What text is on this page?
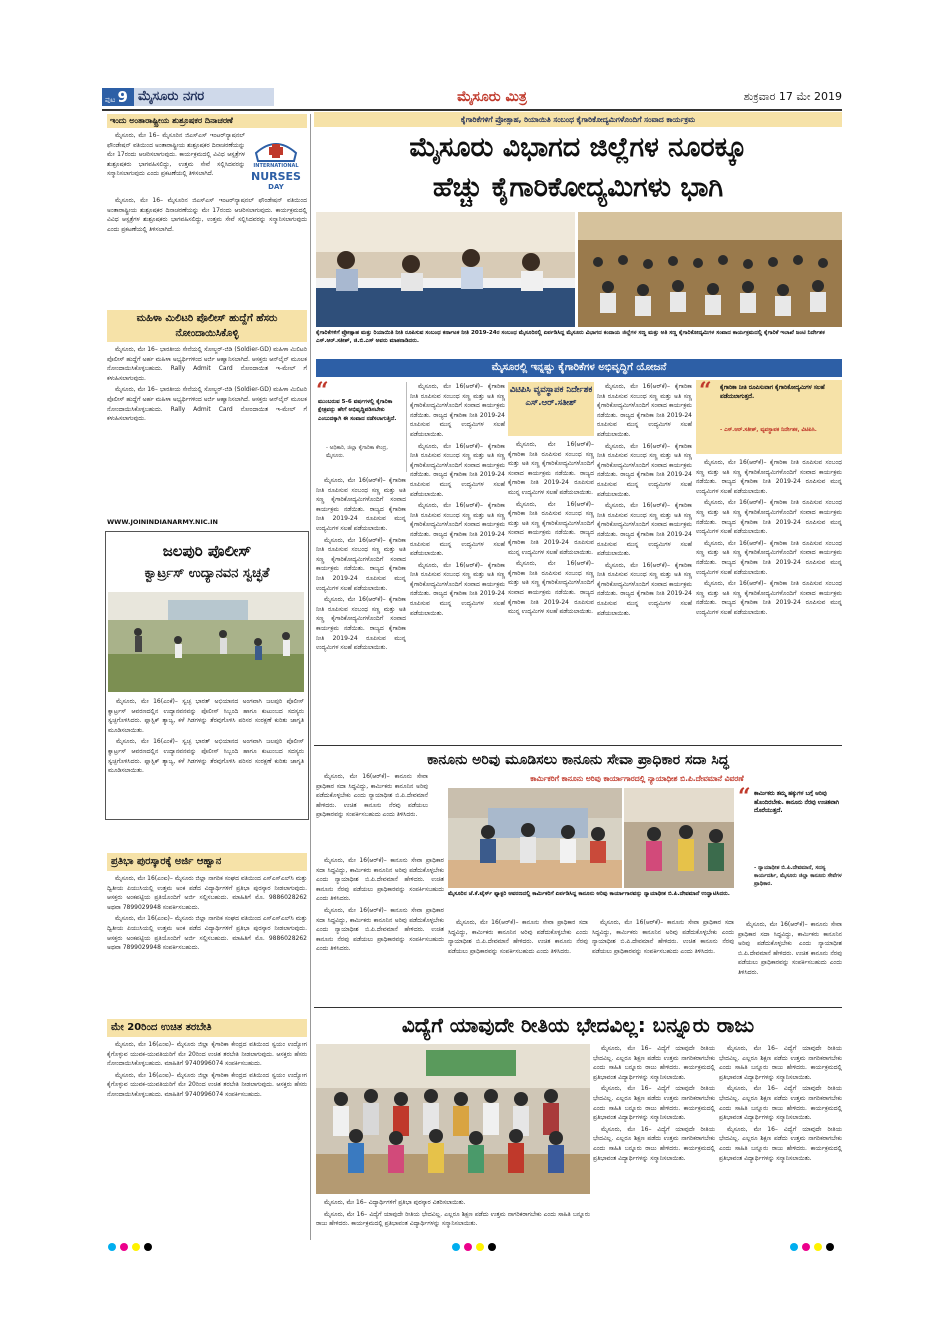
ಪುಟ 9 ಮೈಸೂರು ನಗರ	ಮೈಸೂರು ಮಿತ್ರ	ಶುಕ್ರವಾರ 17 ಮೇ 2019
ಇಂದು ಅಂತಾರಾಷ್ಟ್ರೀಯ ಶುಶ್ರೂಷಕರ ದಿನಾಚರಣೆ
INTERNATIONAL
NURSES
DAY

ಮೈಸೂರು, ಮೇ 16– ಮೈಸೂರಿನ ಜಿಎಸ್‌ಎಸ್ ಇಂಟರ್‌ನ್ಯಾಷನಲ್ ಫೌಂಡೇಷನ್ ವತಿಯಿಂದ ಅಂತಾರಾಷ್ಟ್ರೀಯ ಶುಶ್ರೂಷಕರ ದಿನಾಚರಣೆಯನ್ನು ಮೇ 17ರಂದು ಆಚರಿಸಲಾಗುವುದು. ಕಾರ್ಯಕ್ರಮದಲ್ಲಿ ವಿವಿಧ ಆಸ್ಪತ್ರೆಗಳ ಶುಶ್ರೂಷಕರು ಭಾಗವಹಿಸಲಿದ್ದು, ಉತ್ತಮ ಸೇವೆ ಸಲ್ಲಿಸಿದವರನ್ನು ಸನ್ಮಾನಿಸಲಾಗುವುದು ಎಂದು ಪ್ರಕಟಣೆಯಲ್ಲಿ ತಿಳಿಸಲಾಗಿದೆ.

ಮೈಸೂರು, ಮೇ 16– ಮೈಸೂರಿನ ಜಿಎಸ್‌ಎಸ್ ಇಂಟರ್‌ನ್ಯಾಷನಲ್ ಫೌಂಡೇಷನ್ ವತಿಯಿಂದ ಅಂತಾರಾಷ್ಟ್ರೀಯ ಶುಶ್ರೂಷಕರ ದಿನಾಚರಣೆಯನ್ನು ಮೇ 17ರಂದು ಆಚರಿಸಲಾಗುವುದು. ಕಾರ್ಯಕ್ರಮದಲ್ಲಿ ವಿವಿಧ ಆಸ್ಪತ್ರೆಗಳ ಶುಶ್ರೂಷಕರು ಭಾಗವಹಿಸಲಿದ್ದು, ಉತ್ತಮ ಸೇವೆ ಸಲ್ಲಿಸಿದವರನ್ನು ಸನ್ಮಾನಿಸಲಾಗುವುದು ಎಂದು ಪ್ರಕಟಣೆಯಲ್ಲಿ ತಿಳಿಸಲಾಗಿದೆ.

ಮಹಿಳಾ ಮಿಲಿಟರಿ ಪೊಲೀಸ್ ಹುದ್ದೆಗೆ ಹೆಸರು ನೋಂದಾಯಿಸಿಕೊಳ್ಳಿ

ಮೈಸೂರು, ಮೇ 16– ಭಾರತೀಯ ಸೇನೆಯಲ್ಲಿ ಸೋಲ್ಜರ್-ಜಿಡಿ (Soldier-GD) ಮಹಿಳಾ ಮಿಲಿಟರಿ ಪೊಲೀಸ್ ಹುದ್ದೆಗೆ ಅರ್ಹ ಮಹಿಳಾ ಅಭ್ಯರ್ಥಿಗಳಿಂದ ಅರ್ಜಿ ಆಹ್ವಾನಿಸಲಾಗಿದೆ. ಆಸಕ್ತರು ಆನ್‌ಲೈನ್ ಮೂಲಕ ನೋಂದಾಯಿಸಿಕೊಳ್ಳಬಹುದು. Rally Admit Card ನೋಂದಾಯಿತ ಇ-ಮೇಲ್ ಗೆ ಕಳುಹಿಸಲಾಗುವುದು.

ಮೈಸೂರು, ಮೇ 16– ಭಾರತೀಯ ಸೇನೆಯಲ್ಲಿ ಸೋಲ್ಜರ್-ಜಿಡಿ (Soldier-GD) ಮಹಿಳಾ ಮಿಲಿಟರಿ ಪೊಲೀಸ್ ಹುದ್ದೆಗೆ ಅರ್ಹ ಮಹಿಳಾ ಅಭ್ಯರ್ಥಿಗಳಿಂದ ಅರ್ಜಿ ಆಹ್ವಾನಿಸಲಾಗಿದೆ. ಆಸಕ್ತರು ಆನ್‌ಲೈನ್ ಮೂಲಕ ನೋಂದಾಯಿಸಿಕೊಳ್ಳಬಹುದು. Rally Admit Card ನೋಂದಾಯಿತ ಇ-ಮೇಲ್ ಗೆ ಕಳುಹಿಸಲಾಗುವುದು.

WWW.JOININDIANARMY.NIC.IN
ಜಲಪುರಿ ಪೊಲೀಸ್
ಕ್ವಾರ್ಟ್ರಸ್ ಉದ್ಯಾನವನ ಸ್ವಚ್ಛತೆ

ಮೈಸೂರು, ಮೇ 16(ಎಂಕೆ)– ಸ್ವಚ್ಛ ಭಾರತ್ ಅಭಿಯಾನದ ಅಂಗವಾಗಿ ಜಲಪುರಿ ಪೊಲೀಸ್ ಕ್ವಾರ್ಟ್ರಸ್ ಆವರಣದಲ್ಲಿನ ಉದ್ಯಾನವನವನ್ನು ಪೊಲೀಸ್ ಸಿಬ್ಬಂದಿ ಹಾಗೂ ಕುಟುಂಬದ ಸದಸ್ಯರು ಸ್ವಚ್ಛಗೊಳಿಸಿದರು. ಪ್ಲಾಸ್ಟಿಕ್ ತ್ಯಾಜ್ಯ, ಕಳೆ ಗಿಡಗಳನ್ನು ತೆರವುಗೊಳಿಸಿ ಪರಿಸರ ಸಂರಕ್ಷಣೆ ಕುರಿತು ಜಾಗೃತಿ ಮೂಡಿಸಲಾಯಿತು.

ಮೈಸೂರು, ಮೇ 16(ಎಂಕೆ)– ಸ್ವಚ್ಛ ಭಾರತ್ ಅಭಿಯಾನದ ಅಂಗವಾಗಿ ಜಲಪುರಿ ಪೊಲೀಸ್ ಕ್ವಾರ್ಟ್ರಸ್ ಆವರಣದಲ್ಲಿನ ಉದ್ಯಾನವನವನ್ನು ಪೊಲೀಸ್ ಸಿಬ್ಬಂದಿ ಹಾಗೂ ಕುಟುಂಬದ ಸದಸ್ಯರು ಸ್ವಚ್ಛಗೊಳಿಸಿದರು. ಪ್ಲಾಸ್ಟಿಕ್ ತ್ಯಾಜ್ಯ, ಕಳೆ ಗಿಡಗಳನ್ನು ತೆರವುಗೊಳಿಸಿ ಪರಿಸರ ಸಂರಕ್ಷಣೆ ಕುರಿತು ಜಾಗೃತಿ ಮೂಡಿಸಲಾಯಿತು.

ಪ್ರತಿಭಾ ಪುರಸ್ಕಾರಕ್ಕೆ ಅರ್ಜಿ ಆಹ್ವಾನ

ಮೈಸೂರು, ಮೇ 16(ಎಂಐ)– ಮೈಸೂರು ಜಿಲ್ಲಾ ನಾಗರಿಕ ಸಂಘದ ವತಿಯಿಂದ ಎಸ್‌ಎಸ್‌ಎಲ್‌ಸಿ ಮತ್ತು ದ್ವಿತೀಯ ಪಿಯುಸಿಯಲ್ಲಿ ಉತ್ತಮ ಅಂಕ ಪಡೆದ ವಿದ್ಯಾರ್ಥಿಗಳಿಗೆ ಪ್ರತಿಭಾ ಪುರಸ್ಕಾರ ನೀಡಲಾಗುವುದು. ಆಸಕ್ತರು ಅಂಕಪಟ್ಟಿಯ ಪ್ರತಿಯೊಂದಿಗೆ ಅರ್ಜಿ ಸಲ್ಲಿಸಬಹುದು. ಮಾಹಿತಿಗೆ ಮೊ. 9886028262 ಅಥವಾ 7899029948 ಸಂಪರ್ಕಿಸಬಹುದು.

ಮೈಸೂರು, ಮೇ 16(ಎಂಐ)– ಮೈಸೂರು ಜಿಲ್ಲಾ ನಾಗರಿಕ ಸಂಘದ ವತಿಯಿಂದ ಎಸ್‌ಎಸ್‌ಎಲ್‌ಸಿ ಮತ್ತು ದ್ವಿತೀಯ ಪಿಯುಸಿಯಲ್ಲಿ ಉತ್ತಮ ಅಂಕ ಪಡೆದ ವಿದ್ಯಾರ್ಥಿಗಳಿಗೆ ಪ್ರತಿಭಾ ಪುರಸ್ಕಾರ ನೀಡಲಾಗುವುದು. ಆಸಕ್ತರು ಅಂಕಪಟ್ಟಿಯ ಪ್ರತಿಯೊಂದಿಗೆ ಅರ್ಜಿ ಸಲ್ಲಿಸಬಹುದು. ಮಾಹಿತಿಗೆ ಮೊ. 9886028262 ಅಥವಾ 7899029948 ಸಂಪರ್ಕಿಸಬಹುದು.

ಮೇ 20ರಿಂದ ಉಚಿತ ತರಬೇತಿ

ಮೈಸೂರು, ಮೇ 16(ಎಂಐ)– ಮೈಸೂರು ಜಿಲ್ಲಾ ಕೈಗಾರಿಕಾ ಕೇಂದ್ರದ ವತಿಯಿಂದ ಸ್ವಯಂ ಉದ್ಯೋಗ ಕೈಗೊಳ್ಳುವ ಯುವಕ-ಯುವತಿಯರಿಗೆ ಮೇ 20ರಿಂದ ಉಚಿತ ತರಬೇತಿ ನೀಡಲಾಗುವುದು. ಆಸಕ್ತರು ಹೆಸರು ನೋಂದಾಯಿಸಿಕೊಳ್ಳಬಹುದು. ಮಾಹಿತಿಗೆ 9740996074 ಸಂಪರ್ಕಿಸಬಹುದು.

ಮೈಸೂರು, ಮೇ 16(ಎಂಐ)– ಮೈಸೂರು ಜಿಲ್ಲಾ ಕೈಗಾರಿಕಾ ಕೇಂದ್ರದ ವತಿಯಿಂದ ಸ್ವಯಂ ಉದ್ಯೋಗ ಕೈಗೊಳ್ಳುವ ಯುವಕ-ಯುವತಿಯರಿಗೆ ಮೇ 20ರಿಂದ ಉಚಿತ ತರಬೇತಿ ನೀಡಲಾಗುವುದು. ಆಸಕ್ತರು ಹೆಸರು ನೋಂದಾಯಿಸಿಕೊಳ್ಳಬಹುದು. ಮಾಹಿತಿಗೆ 9740996074 ಸಂಪರ್ಕಿಸಬಹುದು.

ಕೈಗಾರಿಕೆಗಳಿಗೆ ಪ್ರೋತ್ಸಾಹ, ರಿಯಾಯಿತಿ ಸಂಬಂಧ ಕೈಗಾರಿಕೋದ್ಯಮಿಗಳೊಂದಿಗೆ ಸಂವಾದ ಕಾರ್ಯಕ್ರಮ
ಮೈಸೂರು ವಿಭಾಗದ ಜಿಲ್ಲೆಗಳ ನೂರಕ್ಕೂ
ಹೆಚ್ಚು ಕೈಗಾರಿಕೋದ್ಯಮಿಗಳು ಭಾಗಿ
ಕೈಗಾರಿಕೆಗಳಿಗೆ ಪ್ರೋತ್ಸಾಹ ಮತ್ತು ರಿಯಾಯಿತಿ ನೀತಿ ರೂಪಿಸುವ ಸಂಬಂಧ ಕರ್ನಾಟಕ ನೀತಿ 2019-24ರ ಸಂಬಂಧ ಮೈಸೂರಿನಲ್ಲಿ ಏರ್ಪಡಿಸಿದ್ದ ಮೈಸೂರು ವಿಭಾಗದ ಕಂದಾಯ ಜಿಲ್ಲೆಗಳ ಸಣ್ಣ ಮತ್ತು ಅತಿ ಸಣ್ಣ ಕೈಗಾರಿಕೋದ್ಯಮಿಗಳ ಸಂವಾದ ಕಾರ್ಯಕ್ರಮದಲ್ಲಿ ಕೈಗಾರಿಕೆ ಇಲಾಖೆ ಜಂಟಿ ನಿರ್ದೇಶಕ ಎಸ್.ಆರ್.ಸತೀಶ್, ಜಿ.ಬಿ.ಎಸ್ ಅವರು ಮಾತನಾಡಿದರು.
ಮೈಸೂರಲ್ಲಿ ಇನ್ನಷ್ಟು ಕೈಗಾರಿಕೆಗಳ ಅಭಿವೃದ್ಧಿಗೆ ಯೋಜನೆ
“
ಮುಂಬರುವ 5-6 ವರ್ಷಗಳಲ್ಲಿ ಕೈಗಾರಿಕಾ ಕ್ಷೇತ್ರವನ್ನು ಹೇಗೆ ಅಭಿವೃದ್ಧಿಪಡಿಸಬೇಕು ಎಂಬುದಕ್ಕಾಗಿ ಈ ಸಂವಾದ ನಡೆಸಲಾಗುತ್ತಿದೆ.
- ಅಧಿಕಾರಿ, ಜಿಲ್ಲಾ ಕೈಗಾರಿಕಾ ಕೇಂದ್ರ, ಮೈಸೂರು.

ಮೈಸೂರು, ಮೇ 16(ಆರ್‌ಕೆ)– ಕೈಗಾರಿಕಾ ನೀತಿ ರೂಪಿಸುವ ಸಂಬಂಧ ಸಣ್ಣ ಮತ್ತು ಅತಿ ಸಣ್ಣ ಕೈಗಾರಿಕೋದ್ಯಮಿಗಳೊಂದಿಗೆ ಸಂವಾದ ಕಾರ್ಯಕ್ರಮ ನಡೆಯಿತು. ರಾಜ್ಯದ ಕೈಗಾರಿಕಾ ನೀತಿ 2019-24 ರೂಪಿಸುವ ಮುನ್ನ ಉದ್ಯಮಿಗಳ ಸಲಹೆ ಪಡೆಯಲಾಯಿತು.

ಮೈಸೂರು, ಮೇ 16(ಆರ್‌ಕೆ)– ಕೈಗಾರಿಕಾ ನೀತಿ ರೂಪಿಸುವ ಸಂಬಂಧ ಸಣ್ಣ ಮತ್ತು ಅತಿ ಸಣ್ಣ ಕೈಗಾರಿಕೋದ್ಯಮಿಗಳೊಂದಿಗೆ ಸಂವಾದ ಕಾರ್ಯಕ್ರಮ ನಡೆಯಿತು. ರಾಜ್ಯದ ಕೈಗಾರಿಕಾ ನೀತಿ 2019-24 ರೂಪಿಸುವ ಮುನ್ನ ಉದ್ಯಮಿಗಳ ಸಲಹೆ ಪಡೆಯಲಾಯಿತು.

ಮೈಸೂರು, ಮೇ 16(ಆರ್‌ಕೆ)– ಕೈಗಾರಿಕಾ ನೀತಿ ರೂಪಿಸುವ ಸಂಬಂಧ ಸಣ್ಣ ಮತ್ತು ಅತಿ ಸಣ್ಣ ಕೈಗಾರಿಕೋದ್ಯಮಿಗಳೊಂದಿಗೆ ಸಂವಾದ ಕಾರ್ಯಕ್ರಮ ನಡೆಯಿತು. ರಾಜ್ಯದ ಕೈಗಾರಿಕಾ ನೀತಿ 2019-24 ರೂಪಿಸುವ ಮುನ್ನ ಉದ್ಯಮಿಗಳ ಸಲಹೆ ಪಡೆಯಲಾಯಿತು.

ಮೈಸೂರು, ಮೇ 16(ಆರ್‌ಕೆ)– ಕೈಗಾರಿಕಾ ನೀತಿ ರೂಪಿಸುವ ಸಂಬಂಧ ಸಣ್ಣ ಮತ್ತು ಅತಿ ಸಣ್ಣ ಕೈಗಾರಿಕೋದ್ಯಮಿಗಳೊಂದಿಗೆ ಸಂವಾದ ಕಾರ್ಯಕ್ರಮ ನಡೆಯಿತು. ರಾಜ್ಯದ ಕೈಗಾರಿಕಾ ನೀತಿ 2019-24 ರೂಪಿಸುವ ಮುನ್ನ ಉದ್ಯಮಿಗಳ ಸಲಹೆ ಪಡೆಯಲಾಯಿತು.

ಮೈಸೂರು, ಮೇ 16(ಆರ್‌ಕೆ)– ಕೈಗಾರಿಕಾ ನೀತಿ ರೂಪಿಸುವ ಸಂಬಂಧ ಸಣ್ಣ ಮತ್ತು ಅತಿ ಸಣ್ಣ ಕೈಗಾರಿಕೋದ್ಯಮಿಗಳೊಂದಿಗೆ ಸಂವಾದ ಕಾರ್ಯಕ್ರಮ ನಡೆಯಿತು. ರಾಜ್ಯದ ಕೈಗಾರಿಕಾ ನೀತಿ 2019-24 ರೂಪಿಸುವ ಮುನ್ನ ಉದ್ಯಮಿಗಳ ಸಲಹೆ ಪಡೆಯಲಾಯಿತು.

ಮೈಸೂರು, ಮೇ 16(ಆರ್‌ಕೆ)– ಕೈಗಾರಿಕಾ ನೀತಿ ರೂಪಿಸುವ ಸಂಬಂಧ ಸಣ್ಣ ಮತ್ತು ಅತಿ ಸಣ್ಣ ಕೈಗಾರಿಕೋದ್ಯಮಿಗಳೊಂದಿಗೆ ಸಂವಾದ ಕಾರ್ಯಕ್ರಮ ನಡೆಯಿತು. ರಾಜ್ಯದ ಕೈಗಾರಿಕಾ ನೀತಿ 2019-24 ರೂಪಿಸುವ ಮುನ್ನ ಉದ್ಯಮಿಗಳ ಸಲಹೆ ಪಡೆಯಲಾಯಿತು.

ಮೈಸೂರು, ಮೇ 16(ಆರ್‌ಕೆ)– ಕೈಗಾರಿಕಾ ನೀತಿ ರೂಪಿಸುವ ಸಂಬಂಧ ಸಣ್ಣ ಮತ್ತು ಅತಿ ಸಣ್ಣ ಕೈಗಾರಿಕೋದ್ಯಮಿಗಳೊಂದಿಗೆ ಸಂವಾದ ಕಾರ್ಯಕ್ರಮ ನಡೆಯಿತು. ರಾಜ್ಯದ ಕೈಗಾರಿಕಾ ನೀತಿ 2019-24 ರೂಪಿಸುವ ಮುನ್ನ ಉದ್ಯಮಿಗಳ ಸಲಹೆ ಪಡೆಯಲಾಯಿತು.

ವಿಟಿಪಿಸಿ ವ್ಯವಸ್ಥಾಪಕ ನಿರ್ದೇಶಕ ಎಸ್.ಆರ್.ಸತೀಶ್

ಮೈಸೂರು, ಮೇ 16(ಆರ್‌ಕೆ)– ಕೈಗಾರಿಕಾ ನೀತಿ ರೂಪಿಸುವ ಸಂಬಂಧ ಸಣ್ಣ ಮತ್ತು ಅತಿ ಸಣ್ಣ ಕೈಗಾರಿಕೋದ್ಯಮಿಗಳೊಂದಿಗೆ ಸಂವಾದ ಕಾರ್ಯಕ್ರಮ ನಡೆಯಿತು. ರಾಜ್ಯದ ಕೈಗಾರಿಕಾ ನೀತಿ 2019-24 ರೂಪಿಸುವ ಮುನ್ನ ಉದ್ಯಮಿಗಳ ಸಲಹೆ ಪಡೆಯಲಾಯಿತು.

ಮೈಸೂರು, ಮೇ 16(ಆರ್‌ಕೆ)– ಕೈಗಾರಿಕಾ ನೀತಿ ರೂಪಿಸುವ ಸಂಬಂಧ ಸಣ್ಣ ಮತ್ತು ಅತಿ ಸಣ್ಣ ಕೈಗಾರಿಕೋದ್ಯಮಿಗಳೊಂದಿಗೆ ಸಂವಾದ ಕಾರ್ಯಕ್ರಮ ನಡೆಯಿತು. ರಾಜ್ಯದ ಕೈಗಾರಿಕಾ ನೀತಿ 2019-24 ರೂಪಿಸುವ ಮುನ್ನ ಉದ್ಯಮಿಗಳ ಸಲಹೆ ಪಡೆಯಲಾಯಿತು.

ಮೈಸೂರು, ಮೇ 16(ಆರ್‌ಕೆ)– ಕೈಗಾರಿಕಾ ನೀತಿ ರೂಪಿಸುವ ಸಂಬಂಧ ಸಣ್ಣ ಮತ್ತು ಅತಿ ಸಣ್ಣ ಕೈಗಾರಿಕೋದ್ಯಮಿಗಳೊಂದಿಗೆ ಸಂವಾದ ಕಾರ್ಯಕ್ರಮ ನಡೆಯಿತು. ರಾಜ್ಯದ ಕೈಗಾರಿಕಾ ನೀತಿ 2019-24 ರೂಪಿಸುವ ಮುನ್ನ ಉದ್ಯಮಿಗಳ ಸಲಹೆ ಪಡೆಯಲಾಯಿತು.

ಮೈಸೂರು, ಮೇ 16(ಆರ್‌ಕೆ)– ಕೈಗಾರಿಕಾ ನೀತಿ ರೂಪಿಸುವ ಸಂಬಂಧ ಸಣ್ಣ ಮತ್ತು ಅತಿ ಸಣ್ಣ ಕೈಗಾರಿಕೋದ್ಯಮಿಗಳೊಂದಿಗೆ ಸಂವಾದ ಕಾರ್ಯಕ್ರಮ ನಡೆಯಿತು. ರಾಜ್ಯದ ಕೈಗಾರಿಕಾ ನೀತಿ 2019-24 ರೂಪಿಸುವ ಮುನ್ನ ಉದ್ಯಮಿಗಳ ಸಲಹೆ ಪಡೆಯಲಾಯಿತು.

ಮೈಸೂರು, ಮೇ 16(ಆರ್‌ಕೆ)– ಕೈಗಾರಿಕಾ ನೀತಿ ರೂಪಿಸುವ ಸಂಬಂಧ ಸಣ್ಣ ಮತ್ತು ಅತಿ ಸಣ್ಣ ಕೈಗಾರಿಕೋದ್ಯಮಿಗಳೊಂದಿಗೆ ಸಂವಾದ ಕಾರ್ಯಕ್ರಮ ನಡೆಯಿತು. ರಾಜ್ಯದ ಕೈಗಾರಿಕಾ ನೀತಿ 2019-24 ರೂಪಿಸುವ ಮುನ್ನ ಉದ್ಯಮಿಗಳ ಸಲಹೆ ಪಡೆಯಲಾಯಿತು.

ಮೈಸೂರು, ಮೇ 16(ಆರ್‌ಕೆ)– ಕೈಗಾರಿಕಾ ನೀತಿ ರೂಪಿಸುವ ಸಂಬಂಧ ಸಣ್ಣ ಮತ್ತು ಅತಿ ಸಣ್ಣ ಕೈಗಾರಿಕೋದ್ಯಮಿಗಳೊಂದಿಗೆ ಸಂವಾದ ಕಾರ್ಯಕ್ರಮ ನಡೆಯಿತು. ರಾಜ್ಯದ ಕೈಗಾರಿಕಾ ನೀತಿ 2019-24 ರೂಪಿಸುವ ಮುನ್ನ ಉದ್ಯಮಿಗಳ ಸಲಹೆ ಪಡೆಯಲಾಯಿತು.

ಮೈಸೂರು, ಮೇ 16(ಆರ್‌ಕೆ)– ಕೈಗಾರಿಕಾ ನೀತಿ ರೂಪಿಸುವ ಸಂಬಂಧ ಸಣ್ಣ ಮತ್ತು ಅತಿ ಸಣ್ಣ ಕೈಗಾರಿಕೋದ್ಯಮಿಗಳೊಂದಿಗೆ ಸಂವಾದ ಕಾರ್ಯಕ್ರಮ ನಡೆಯಿತು. ರಾಜ್ಯದ ಕೈಗಾರಿಕಾ ನೀತಿ 2019-24 ರೂಪಿಸುವ ಮುನ್ನ ಉದ್ಯಮಿಗಳ ಸಲಹೆ ಪಡೆಯಲಾಯಿತು.

“ ಕೈಗಾರಿಕಾ ನೀತಿ ರೂಪಿಸುವಾಗ ಕೈಗಾರಿಕೋದ್ಯಮಿಗಳ ಸಲಹೆ ಪಡೆಯಲಾಗುತ್ತದೆ.
- ಎಸ್.ಆರ್.ಸತೀಶ್, ವ್ಯವಸ್ಥಾಪಕ ನಿರ್ದೇಶಕ, ವಿಟಿಪಿಸಿ.

ಮೈಸೂರು, ಮೇ 16(ಆರ್‌ಕೆ)– ಕೈಗಾರಿಕಾ ನೀತಿ ರೂಪಿಸುವ ಸಂಬಂಧ ಸಣ್ಣ ಮತ್ತು ಅತಿ ಸಣ್ಣ ಕೈಗಾರಿಕೋದ್ಯಮಿಗಳೊಂದಿಗೆ ಸಂವಾದ ಕಾರ್ಯಕ್ರಮ ನಡೆಯಿತು. ರಾಜ್ಯದ ಕೈಗಾರಿಕಾ ನೀತಿ 2019-24 ರೂಪಿಸುವ ಮುನ್ನ ಉದ್ಯಮಿಗಳ ಸಲಹೆ ಪಡೆಯಲಾಯಿತು.

ಮೈಸೂರು, ಮೇ 16(ಆರ್‌ಕೆ)– ಕೈಗಾರಿಕಾ ನೀತಿ ರೂಪಿಸುವ ಸಂಬಂಧ ಸಣ್ಣ ಮತ್ತು ಅತಿ ಸಣ್ಣ ಕೈಗಾರಿಕೋದ್ಯಮಿಗಳೊಂದಿಗೆ ಸಂವಾದ ಕಾರ್ಯಕ್ರಮ ನಡೆಯಿತು. ರಾಜ್ಯದ ಕೈಗಾರಿಕಾ ನೀತಿ 2019-24 ರೂಪಿಸುವ ಮುನ್ನ ಉದ್ಯಮಿಗಳ ಸಲಹೆ ಪಡೆಯಲಾಯಿತು.

ಮೈಸೂರು, ಮೇ 16(ಆರ್‌ಕೆ)– ಕೈಗಾರಿಕಾ ನೀತಿ ರೂಪಿಸುವ ಸಂಬಂಧ ಸಣ್ಣ ಮತ್ತು ಅತಿ ಸಣ್ಣ ಕೈಗಾರಿಕೋದ್ಯಮಿಗಳೊಂದಿಗೆ ಸಂವಾದ ಕಾರ್ಯಕ್ರಮ ನಡೆಯಿತು. ರಾಜ್ಯದ ಕೈಗಾರಿಕಾ ನೀತಿ 2019-24 ರೂಪಿಸುವ ಮುನ್ನ ಉದ್ಯಮಿಗಳ ಸಲಹೆ ಪಡೆಯಲಾಯಿತು.

ಮೈಸೂರು, ಮೇ 16(ಆರ್‌ಕೆ)– ಕೈಗಾರಿಕಾ ನೀತಿ ರೂಪಿಸುವ ಸಂಬಂಧ ಸಣ್ಣ ಮತ್ತು ಅತಿ ಸಣ್ಣ ಕೈಗಾರಿಕೋದ್ಯಮಿಗಳೊಂದಿಗೆ ಸಂವಾದ ಕಾರ್ಯಕ್ರಮ ನಡೆಯಿತು. ರಾಜ್ಯದ ಕೈಗಾರಿಕಾ ನೀತಿ 2019-24 ರೂಪಿಸುವ ಮುನ್ನ ಉದ್ಯಮಿಗಳ ಸಲಹೆ ಪಡೆಯಲಾಯಿತು.

ಕಾನೂನು ಅರಿವು ಮೂಡಿಸಲು ಕಾನೂನು ಸೇವಾ ಪ್ರಾಧಿಕಾರ ಸದಾ ಸಿದ್ಧ
ಕಾರ್ಮಿಕರಿಗೆ ಕಾನೂನು ಅರಿವು ಕಾರ್ಯಾಗಾರದಲ್ಲಿ ನ್ಯಾಯಾಧೀಶ ಬಿ.ಪಿ.ದೇವಮಾನೆ ವಿವರಣೆ

ಮೈಸೂರು, ಮೇ 16(ಆರ್‌ಕೆ)– ಕಾನೂನು ಸೇವಾ ಪ್ರಾಧಿಕಾರ ಸದಾ ಸಿದ್ಧವಿದ್ದು, ಕಾರ್ಮಿಕರು ಕಾನೂನಿನ ಅರಿವು ಪಡೆದುಕೊಳ್ಳಬೇಕು ಎಂದು ನ್ಯಾಯಾಧೀಶ ಬಿ.ಪಿ.ದೇವಮಾನೆ ಹೇಳಿದರು. ಉಚಿತ ಕಾನೂನು ನೆರವು ಪಡೆಯಲು ಪ್ರಾಧಿಕಾರವನ್ನು ಸಂಪರ್ಕಿಸಬಹುದು ಎಂದು ತಿಳಿಸಿದರು.

ಮೈಸೂರಿನ ಜೆ.ಕೆ.ಟೈರ್ಸ್ ಫ್ಯಾಕ್ಟರಿ ಆವರಣದಲ್ಲಿ ಕಾರ್ಮಿಕರಿಗೆ ಏರ್ಪಡಿಸಿದ್ದ ಕಾನೂನು ಅರಿವು ಕಾರ್ಯಾಗಾರವನ್ನು ನ್ಯಾಯಾಧೀಶ ಬಿ.ಪಿ.ದೇವಮಾನೆ ಉದ್ಘಾಟಿಸಿದರು.

ಮೈಸೂರು, ಮೇ 16(ಆರ್‌ಕೆ)– ಕಾನೂನು ಸೇವಾ ಪ್ರಾಧಿಕಾರ ಸದಾ ಸಿದ್ಧವಿದ್ದು, ಕಾರ್ಮಿಕರು ಕಾನೂನಿನ ಅರಿವು ಪಡೆದುಕೊಳ್ಳಬೇಕು ಎಂದು ನ್ಯಾಯಾಧೀಶ ಬಿ.ಪಿ.ದೇವಮಾನೆ ಹೇಳಿದರು. ಉಚಿತ ಕಾನೂನು ನೆರವು ಪಡೆಯಲು ಪ್ರಾಧಿಕಾರವನ್ನು ಸಂಪರ್ಕಿಸಬಹುದು ಎಂದು ತಿಳಿಸಿದರು.

ಮೈಸೂರು, ಮೇ 16(ಆರ್‌ಕೆ)– ಕಾನೂನು ಸೇವಾ ಪ್ರಾಧಿಕಾರ ಸದಾ ಸಿದ್ಧವಿದ್ದು, ಕಾರ್ಮಿಕರು ಕಾನೂನಿನ ಅರಿವು ಪಡೆದುಕೊಳ್ಳಬೇಕು ಎಂದು ನ್ಯಾಯಾಧೀಶ ಬಿ.ಪಿ.ದೇವಮಾನೆ ಹೇಳಿದರು. ಉಚಿತ ಕಾನೂನು ನೆರವು ಪಡೆಯಲು ಪ್ರಾಧಿಕಾರವನ್ನು ಸಂಪರ್ಕಿಸಬಹುದು ಎಂದು ತಿಳಿಸಿದರು.

ಮೈಸೂರು, ಮೇ 16(ಆರ್‌ಕೆ)– ಕಾನೂನು ಸೇವಾ ಪ್ರಾಧಿಕಾರ ಸದಾ ಸಿದ್ಧವಿದ್ದು, ಕಾರ್ಮಿಕರು ಕಾನೂನಿನ ಅರಿವು ಪಡೆದುಕೊಳ್ಳಬೇಕು ಎಂದು ನ್ಯಾಯಾಧೀಶ ಬಿ.ಪಿ.ದೇವಮಾನೆ ಹೇಳಿದರು. ಉಚಿತ ಕಾನೂನು ನೆರವು ಪಡೆಯಲು ಪ್ರಾಧಿಕಾರವನ್ನು ಸಂಪರ್ಕಿಸಬಹುದು ಎಂದು ತಿಳಿಸಿದರು.

ಮೈಸೂರು, ಮೇ 16(ಆರ್‌ಕೆ)– ಕಾನೂನು ಸೇವಾ ಪ್ರಾಧಿಕಾರ ಸದಾ ಸಿದ್ಧವಿದ್ದು, ಕಾರ್ಮಿಕರು ಕಾನೂನಿನ ಅರಿವು ಪಡೆದುಕೊಳ್ಳಬೇಕು ಎಂದು ನ್ಯಾಯಾಧೀಶ ಬಿ.ಪಿ.ದೇವಮಾನೆ ಹೇಳಿದರು. ಉಚಿತ ಕಾನೂನು ನೆರವು ಪಡೆಯಲು ಪ್ರಾಧಿಕಾರವನ್ನು ಸಂಪರ್ಕಿಸಬಹುದು ಎಂದು ತಿಳಿಸಿದರು.

“ ಕಾರ್ಮಿಕರು ತಮ್ಮ ಹಕ್ಕುಗಳ ಬಗ್ಗೆ ಅರಿವು ಹೊಂದಿರಬೇಕು. ಕಾನೂನು ನೆರವು ಉಚಿತವಾಗಿ ದೊರೆಯುತ್ತದೆ.
- ನ್ಯಾಯಾಧೀಶ ಬಿ.ಪಿ.ದೇವಮಾನೆ, ಸದಸ್ಯ ಕಾರ್ಯದರ್ಶಿ, ಮೈಸೂರು ಜಿಲ್ಲಾ ಕಾನೂನು ಸೇವೆಗಳ ಪ್ರಾಧಿಕಾರ.

ಮೈಸೂರು, ಮೇ 16(ಆರ್‌ಕೆ)– ಕಾನೂನು ಸೇವಾ ಪ್ರಾಧಿಕಾರ ಸದಾ ಸಿದ್ಧವಿದ್ದು, ಕಾರ್ಮಿಕರು ಕಾನೂನಿನ ಅರಿವು ಪಡೆದುಕೊಳ್ಳಬೇಕು ಎಂದು ನ್ಯಾಯಾಧೀಶ ಬಿ.ಪಿ.ದೇವಮಾನೆ ಹೇಳಿದರು. ಉಚಿತ ಕಾನೂನು ನೆರವು ಪಡೆಯಲು ಪ್ರಾಧಿಕಾರವನ್ನು ಸಂಪರ್ಕಿಸಬಹುದು ಎಂದು ತಿಳಿಸಿದರು.

ವಿದ್ಯೆಗೆ ಯಾವುದೇ ರೀತಿಯ ಭೇದವಿಲ್ಲ: ಬನ್ನೂರು ರಾಜು

ಮೈಸೂರು, ಮೇ 16– ವಿದ್ಯಾರ್ಥಿಗಳಿಗೆ ಪ್ರತಿಭಾ ಪುರಸ್ಕಾರ ವಿತರಿಸಲಾಯಿತು.

ಮೈಸೂರು, ಮೇ 16– ವಿದ್ಯೆಗೆ ಯಾವುದೇ ರೀತಿಯ ಭೇದವಿಲ್ಲ. ಎಲ್ಲರೂ ಶಿಕ್ಷಣ ಪಡೆದು ಉತ್ತಮ ನಾಗರಿಕರಾಗಬೇಕು ಎಂದು ಸಾಹಿತಿ ಬನ್ನೂರು ರಾಜು ಹೇಳಿದರು. ಕಾರ್ಯಕ್ರಮದಲ್ಲಿ ಪ್ರತಿಭಾವಂತ ವಿದ್ಯಾರ್ಥಿಗಳನ್ನು ಸನ್ಮಾನಿಸಲಾಯಿತು.

ಮೈಸೂರು, ಮೇ 16– ವಿದ್ಯೆಗೆ ಯಾವುದೇ ರೀತಿಯ ಭೇದವಿಲ್ಲ. ಎಲ್ಲರೂ ಶಿಕ್ಷಣ ಪಡೆದು ಉತ್ತಮ ನಾಗರಿಕರಾಗಬೇಕು ಎಂದು ಸಾಹಿತಿ ಬನ್ನೂರು ರಾಜು ಹೇಳಿದರು. ಕಾರ್ಯಕ್ರಮದಲ್ಲಿ ಪ್ರತಿಭಾವಂತ ವಿದ್ಯಾರ್ಥಿಗಳನ್ನು ಸನ್ಮಾನಿಸಲಾಯಿತು.

ಮೈಸೂರು, ಮೇ 16– ವಿದ್ಯೆಗೆ ಯಾವುದೇ ರೀತಿಯ ಭೇದವಿಲ್ಲ. ಎಲ್ಲರೂ ಶಿಕ್ಷಣ ಪಡೆದು ಉತ್ತಮ ನಾಗರಿಕರಾಗಬೇಕು ಎಂದು ಸಾಹಿತಿ ಬನ್ನೂರು ರಾಜು ಹೇಳಿದರು. ಕಾರ್ಯಕ್ರಮದಲ್ಲಿ ಪ್ರತಿಭಾವಂತ ವಿದ್ಯಾರ್ಥಿಗಳನ್ನು ಸನ್ಮಾನಿಸಲಾಯಿತು.

ಮೈಸೂರು, ಮೇ 16– ವಿದ್ಯೆಗೆ ಯಾವುದೇ ರೀತಿಯ ಭೇದವಿಲ್ಲ. ಎಲ್ಲರೂ ಶಿಕ್ಷಣ ಪಡೆದು ಉತ್ತಮ ನಾಗರಿಕರಾಗಬೇಕು ಎಂದು ಸಾಹಿತಿ ಬನ್ನೂರು ರಾಜು ಹೇಳಿದರು. ಕಾರ್ಯಕ್ರಮದಲ್ಲಿ ಪ್ರತಿಭಾವಂತ ವಿದ್ಯಾರ್ಥಿಗಳನ್ನು ಸನ್ಮಾನಿಸಲಾಯಿತು.

ಮೈಸೂರು, ಮೇ 16– ವಿದ್ಯೆಗೆ ಯಾವುದೇ ರೀತಿಯ ಭೇದವಿಲ್ಲ. ಎಲ್ಲರೂ ಶಿಕ್ಷಣ ಪಡೆದು ಉತ್ತಮ ನಾಗರಿಕರಾಗಬೇಕು ಎಂದು ಸಾಹಿತಿ ಬನ್ನೂರು ರಾಜು ಹೇಳಿದರು. ಕಾರ್ಯಕ್ರಮದಲ್ಲಿ ಪ್ರತಿಭಾವಂತ ವಿದ್ಯಾರ್ಥಿಗಳನ್ನು ಸನ್ಮಾನಿಸಲಾಯಿತು.

ಮೈಸೂರು, ಮೇ 16– ವಿದ್ಯೆಗೆ ಯಾವುದೇ ರೀತಿಯ ಭೇದವಿಲ್ಲ. ಎಲ್ಲರೂ ಶಿಕ್ಷಣ ಪಡೆದು ಉತ್ತಮ ನಾಗರಿಕರಾಗಬೇಕು ಎಂದು ಸಾಹಿತಿ ಬನ್ನೂರು ರಾಜು ಹೇಳಿದರು. ಕಾರ್ಯಕ್ರಮದಲ್ಲಿ ಪ್ರತಿಭಾವಂತ ವಿದ್ಯಾರ್ಥಿಗಳನ್ನು ಸನ್ಮಾನಿಸಲಾಯಿತು.

ಮೈಸೂರು, ಮೇ 16– ವಿದ್ಯೆಗೆ ಯಾವುದೇ ರೀತಿಯ ಭೇದವಿಲ್ಲ. ಎಲ್ಲರೂ ಶಿಕ್ಷಣ ಪಡೆದು ಉತ್ತಮ ನಾಗರಿಕರಾಗಬೇಕು ಎಂದು ಸಾಹಿತಿ ಬನ್ನೂರು ರಾಜು ಹೇಳಿದರು. ಕಾರ್ಯಕ್ರಮದಲ್ಲಿ ಪ್ರತಿಭಾವಂತ ವಿದ್ಯಾರ್ಥಿಗಳನ್ನು ಸನ್ಮಾನಿಸಲಾಯಿತು.
